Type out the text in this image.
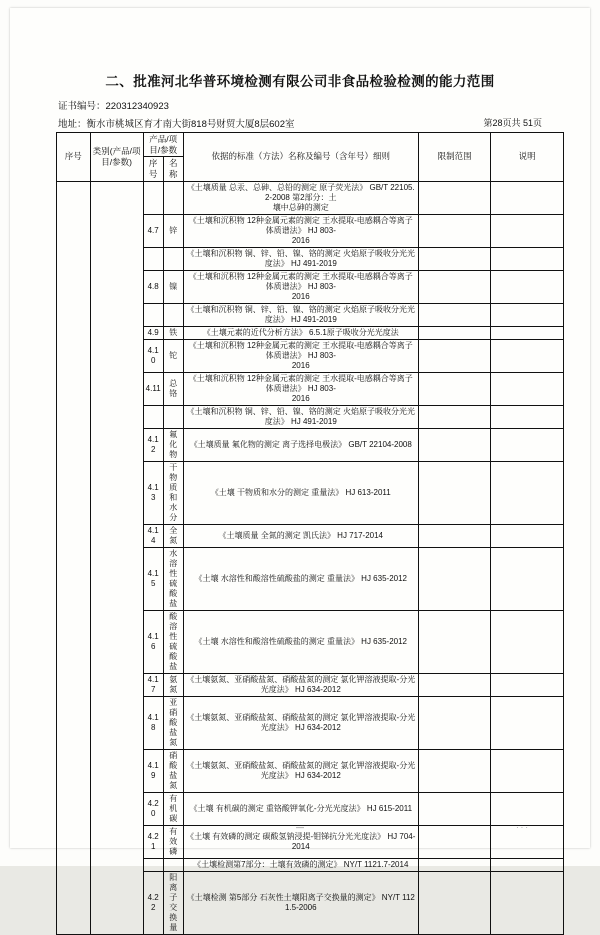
二、批准河北华普环境检测有限公司非食品检验检测的能力范围
证书编号：220312340923
地址：衡水市桃城区育才南大街818号财贸大厦8层602室	第28页共 51页
序号	类别(产品/项目/参数)	产品/项目/参数		依据的标准（方法）名称及编号（含年号）细则	限制范围	说明
		序号	名称			

				《土壤质量 总汞、总砷、总铅的测定 原子荧光法》 GB/T 22105.2-2008 第2部分：土
壤中总砷的测定		

		4.7	锌	《土壤和沉积物 12种金属元素的测定 王水提取-电感耦合等离子体质谱法》 HJ 803-
2016		

				《土壤和沉积物 铜、锌、铅、镍、铬的测定 火焰原子吸收分光光度法》 HJ 491-2019		

		4.8	镍	《土壤和沉积物 12种金属元素的测定 王水提取-电感耦合等离子体质谱法》 HJ 803-
2016		

				《土壤和沉积物 铜、锌、铅、镍、铬的测定 火焰原子吸收分光光度法》 HJ 491-2019		

		4.9	铁	《土壤元素的近代分析方法》 6.5.1原子吸收分光光度法		

		4.10	铊	《土壤和沉积物 12种金属元素的测定 王水提取-电感耦合等离子体质谱法》 HJ 803-
2016		

		4.11	总铬	《土壤和沉积物 12种金属元素的测定 王水提取-电感耦合等离子体质谱法》 HJ 803-
2016		

				《土壤和沉积物 铜、锌、铅、镍、铬的测定 火焰原子吸收分光光度法》 HJ 491-2019		

		4.12	氟化物	《土壤质量 氟化物的测定 离子选择电极法》 GB/T 22104-2008		

		4.13	干物质和水分	《土壤 干物质和水分的测定 重量法》 HJ 613-2011		

		4.14	全氮	《土壤质量 全氮的测定 凯氏法》 HJ 717-2014		

		4.15	水溶性硫酸盐	《土壤 水溶性和酸溶性硫酸盐的测定 重量法》 HJ 635-2012		

		4.16	酸溶性硫酸盐	《土壤 水溶性和酸溶性硫酸盐的测定 重量法》 HJ 635-2012		

		4.17	氨氮	《土壤氨氮、亚硝酸盐氮、硝酸盐氮的测定 氯化钾溶液提取-分光光度法》 HJ 634-2012		

		4.18	亚硝酸盐氮	《土壤氨氮、亚硝酸盐氮、硝酸盐氮的测定 氯化钾溶液提取-分光光度法》 HJ 634-2012		

		4.19	硝酸盐氮	《土壤氨氮、亚硝酸盐氮、硝酸盐氮的测定 氯化钾溶液提取-分光光度法》 HJ 634-2012		

		4.20	有机碳	《土壤 有机碳的测定 重铬酸钾氧化-分光光度法》 HJ 615-2011		

		4.21	有效磷	《土壤 有效磷的测定 碳酸氢钠浸提-钼锑抗分光光度法》 HJ 704-2014		

				《土壤检测第7部分：土壤有效磷的测定》 NY/T 1121.7-2014		

		4.22	阳离子交换量	《土壤检测 第5部分 石灰性土壤阳离子交换量的测定》 NY/T 1121.5-2006		

—	···
